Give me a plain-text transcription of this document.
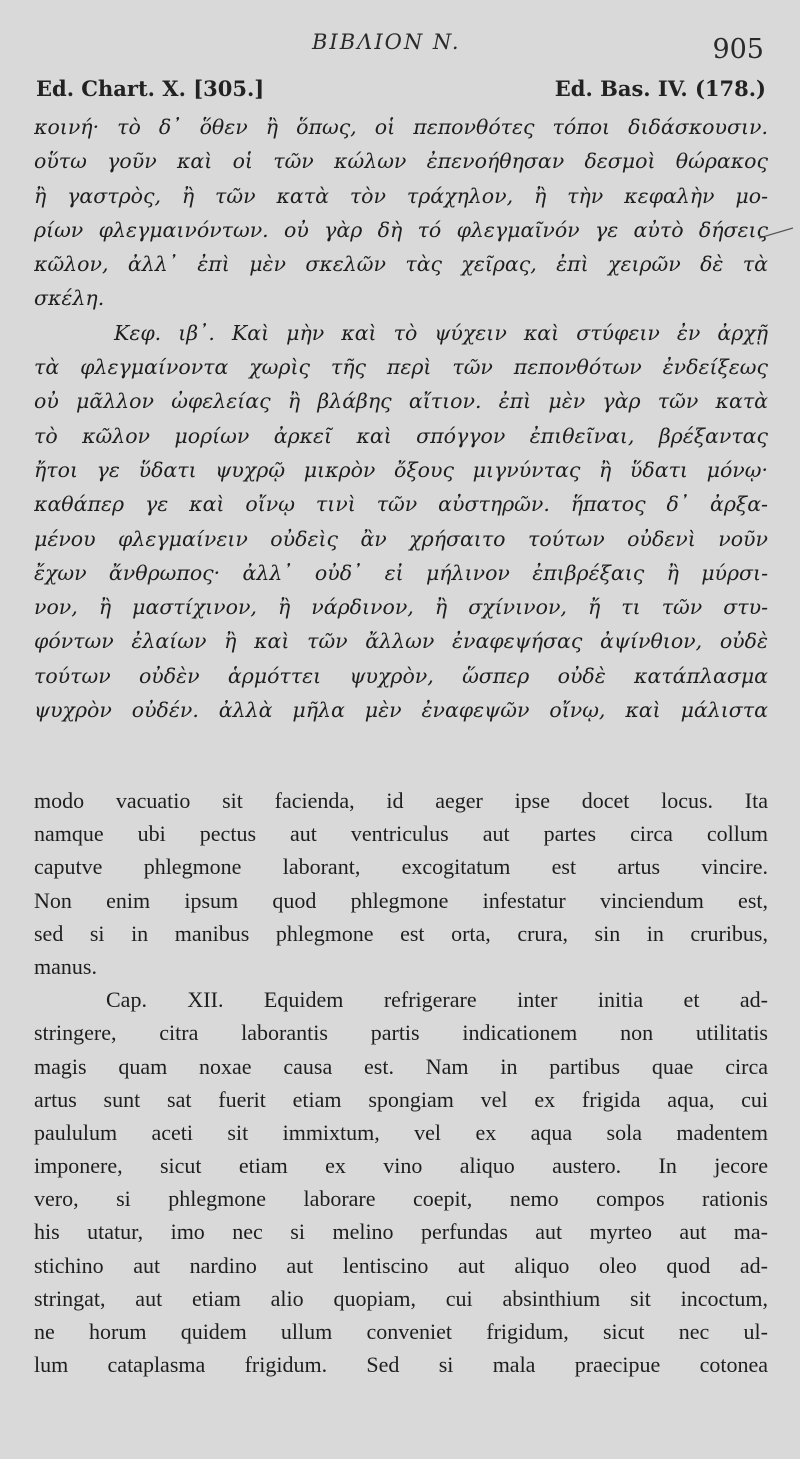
BIBΛION N.	905
Ed. Chart. X. [305.]	Ed. Bas. IV. (178.)
κοινή· τὸ δ᾽ ὅθεν ἢ ὅπως, οἱ πεπονθότες τόποι διδάσκουσιν.
οὕτω γοῦν καὶ οἱ τῶν κώλων ἐπενοήθησαν δεσμοὶ θώρακος
ἢ γαστρὸς, ἢ τῶν κατὰ τὸν τράχηλον, ἢ τὴν κεφαλὴν μο-
ρίων φλεγμαινόντων. οὐ γὰρ δὴ τό φλεγμαῖνόν γε αὐτὸ δήσεις
κῶλον, ἀλλ᾽ ἐπὶ μὲν σκελῶν τὰς χεῖρας, ἐπὶ χειρῶν δὲ τὰ
σκέλη.
Κεφ. ιβ᾽. Καὶ μὴν καὶ τὸ ψύχειν καὶ στύφειν ἐν ἀρχῇ
τὰ φλεγμαίνοντα χωρὶς τῆς περὶ τῶν πεπονθότων ἐνδείξεως
οὐ μᾶλλον ὠφελείας ἢ βλάβης αἴτιον. ἐπὶ μὲν γὰρ τῶν κατὰ
τὸ κῶλον μορίων ἀρκεῖ καὶ σπόγγον ἐπιθεῖναι, βρέξαντας
ἤτοι γε ὕδατι ψυχρῷ μικρὸν ὄξους μιγνύντας ἢ ὕδατι μόνῳ·
καθάπερ γε καὶ οἴνῳ τινὶ τῶν αὐστηρῶν. ἥπατος δ᾽ ἀρξα-
μένου φλεγμαίνειν οὐδεὶς ἂν χρήσαιτο τούτων οὐδενὶ νοῦν
ἔχων ἄνθρωπος· ἀλλ᾽ οὐδ᾽ εἰ μήλινον ἐπιβρέξαις ἢ μύρσι-
νον, ἢ μαστίχινον, ἢ νάρδινον, ἢ σχίνινον, ἤ τι τῶν στυ-
φόντων ἐλαίων ἢ καὶ τῶν ἄλλων ἐναφεψήσας ἀψίνθιον, οὐδὲ
τούτων οὐδὲν ἁρμόττει ψυχρὸν, ὥσπερ οὐδὲ κατάπλασμα
ψυχρὸν οὐδέν. ἀλλὰ μῆλα μὲν ἐναφεψῶν οἴνῳ, καὶ μάλιστα
modo vacuatio sit facienda, id aeger ipse docet locus. Ita
namque ubi pectus aut ventriculus aut partes circa collum
caputve phlegmone laborant, excogitatum est artus vincire.
Non enim ipsum quod phlegmone infestatur vinciendum est,
sed si in manibus phlegmone est orta, crura, sin in cruribus,
manus.
Cap. XII. Equidem refrigerare inter initia et ad-
stringere, citra laborantis partis indicationem non utilitatis
magis quam noxae causa est. Nam in partibus quae circa
artus sunt sat fuerit etiam spongiam vel ex frigida aqua, cui
paululum aceti sit immixtum, vel ex aqua sola madentem
imponere, sicut etiam ex vino aliquo austero. In jecore
vero, si phlegmone laborare coepit, nemo compos rationis
his utatur, imo nec si melino perfundas aut myrteo aut ma-
stichino aut nardino aut lentiscino aut aliquo oleo quod ad-
stringat, aut etiam alio quopiam, cui absinthium sit incoctum,
ne horum quidem ullum conveniet frigidum, sicut nec ul-
lum cataplasma frigidum. Sed si mala praecipue cotonea
